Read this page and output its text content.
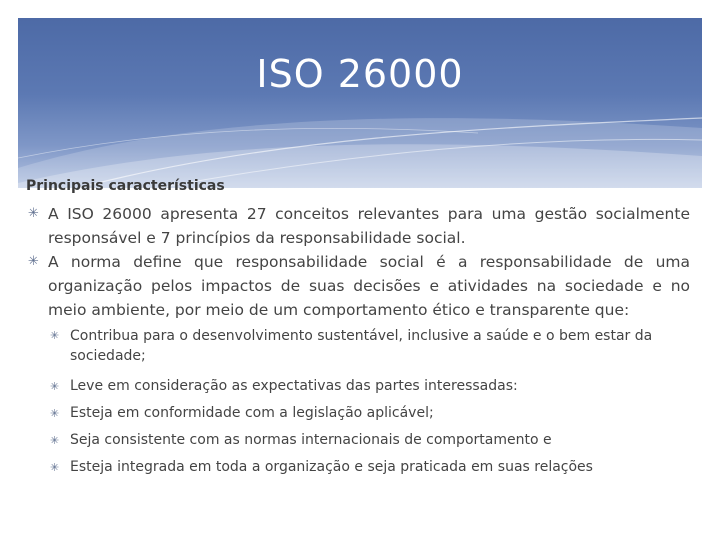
ISO 26000

Principais características

✳ A ISO 26000 apresenta 27 conceitos relevantes para uma gestão socialmente responsável e 7 princípios da responsabilidade social.

✳ A norma define que responsabilidade social é a responsabilidade de uma organização pelos impactos de suas decisões e atividades na sociedade e no meio ambiente, por meio de um comportamento ético e transparente que:

✳ Contribua para o desenvolvimento sustentável, inclusive a saúde e o bem estar da sociedade;

✳ Leve em consideração as expectativas das partes interessadas:

✳ Esteja em conformidade com a legislação aplicável;

✳ Seja consistente com as normas internacionais de comportamento e

✳ Esteja integrada em toda a organização e seja praticada em suas relações
